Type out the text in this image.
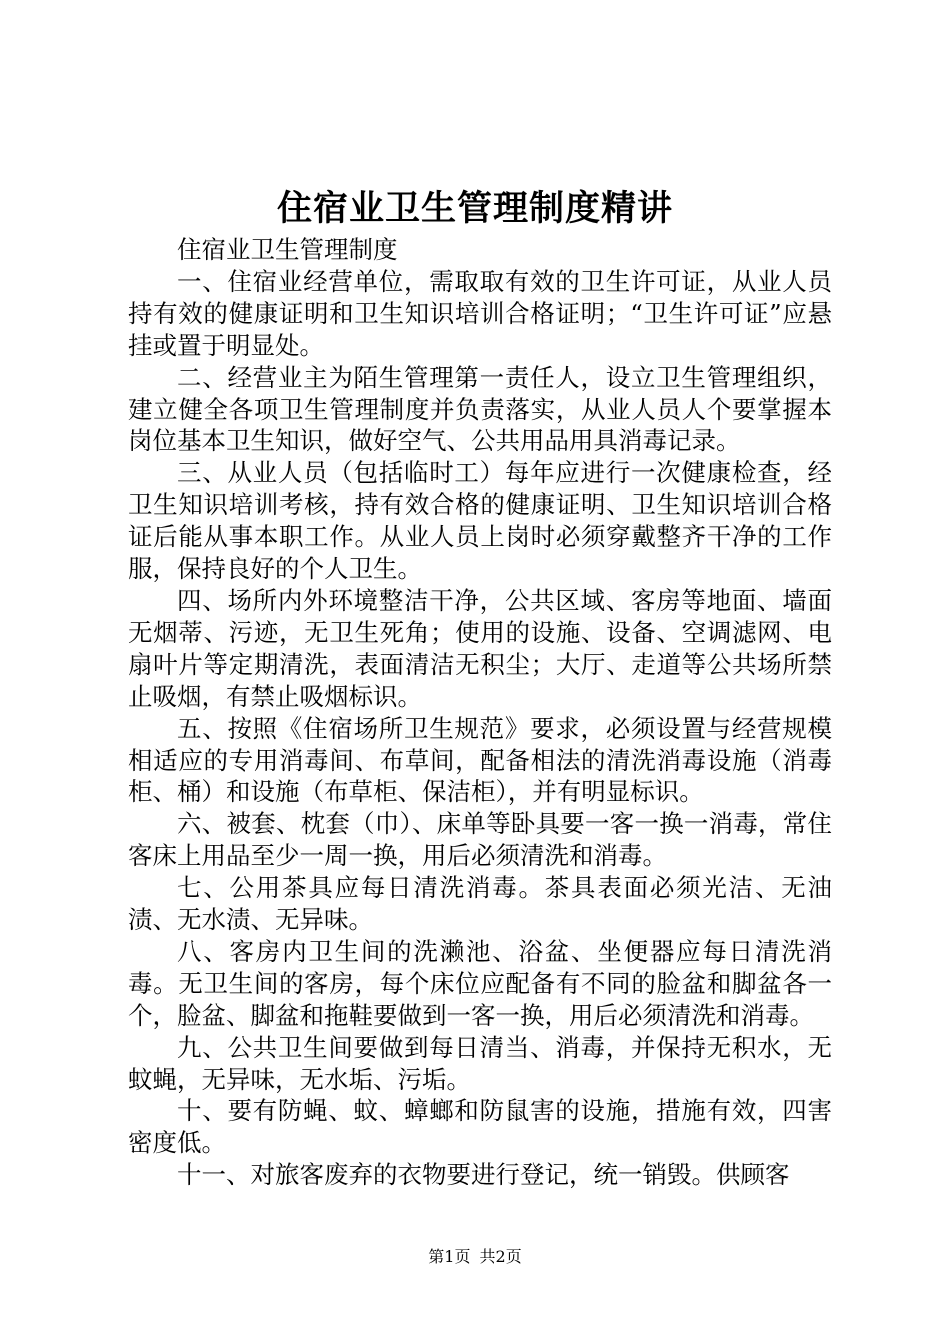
住宿业卫生管理制度精讲

住宿业卫生管理制度

一、住宿业经营单位，需取取有效的卫生许可证，从业人员持有效的健康证明和卫生知识培训合格证明；“卫生许可证”应悬挂或置于明显处。

二、经营业主为陌生管理第一责任人，设立卫生管理组织，建立健全各项卫生管理制度并负责落实，从业人员人个要掌握本岗位基本卫生知识，做好空气、公共用品用具消毒记录。

三、从业人员（包括临时工）每年应进行一次健康检查，经卫生知识培训考核，持有效合格的健康证明、卫生知识培训合格证后能从事本职工作。从业人员上岗时必须穿戴整齐干净的工作服，保持良好的个人卫生。

四、场所内外环境整洁干净，公共区域、客房等地面、墙面无烟蒂、污迹，无卫生死角；使用的设施、设备、空调滤网、电扇叶片等定期清洗，表面清洁无积尘；大厅、走道等公共场所禁止吸烟，有禁止吸烟标识。

五、按照《住宿场所卫生规范》要求，必须设置与经营规模相适应的专用消毒间、布草间，配备相法的清洗消毒设施（消毒柜、桶）和设施（布草柜、保洁柜），并有明显标识。

六、被套、枕套（巾）、床单等卧具要一客一换一消毒，常住客床上用品至少一周一换，用后必须清洗和消毒。

七、公用茶具应每日清洗消毒。茶具表面必须光洁、无油渍、无水渍、无异味。

八、客房内卫生间的洗濑池、浴盆、坐便器应每日清洗消毒。无卫生间的客房，每个床位应配备有不同的脸盆和脚盆各一个，脸盆、脚盆和拖鞋要做到一客一换，用后必须清洗和消毒。

九、公共卫生间要做到每日清当、消毒，并保持无积水，无蚊蝇，无异味，无水垢、污垢。

十、要有防蝇、蚊、蟑螂和防鼠害的设施，措施有效，四害密度低。

十一、对旅客废弃的衣物要进行登记，统一销毁。供顾客

第1页 共2页
